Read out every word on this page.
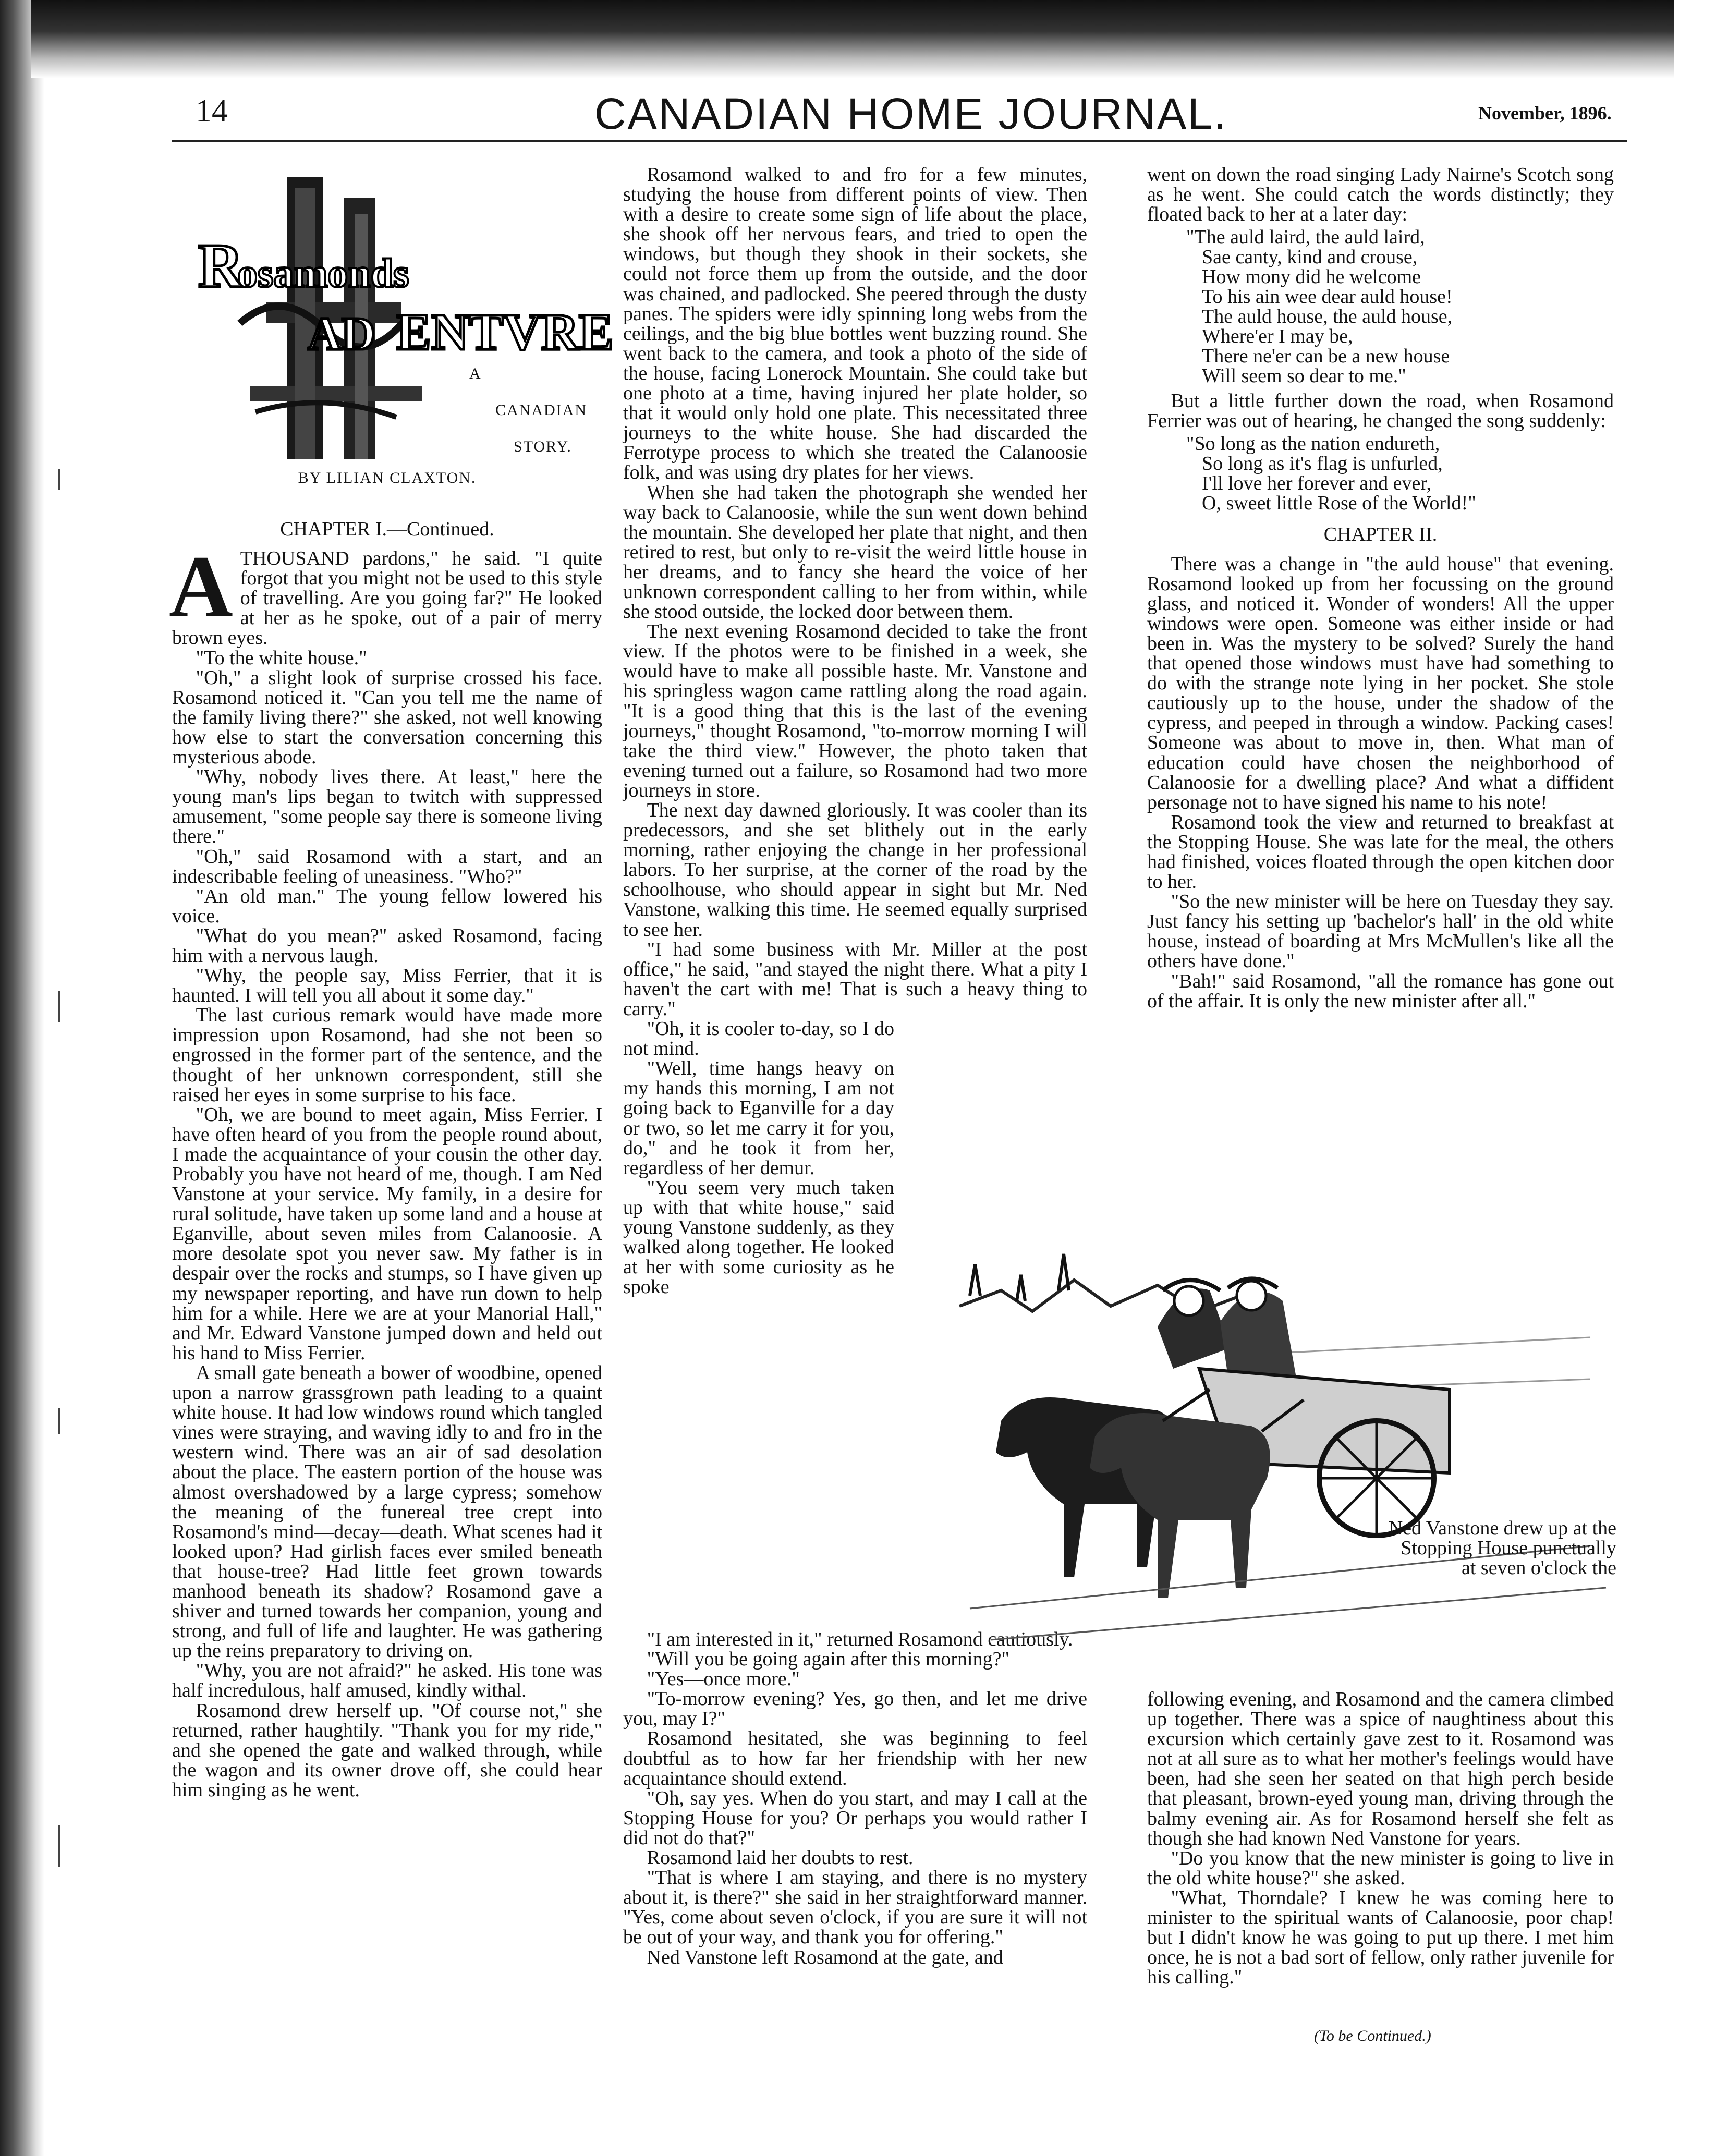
14	CANADIAN HOME JOURNAL.	November, 1896.
R
osamonds
ENTVRE
AD
A
CANADIAN
STORY.
BY LILIAN CLAXTON.
CHAPTER I.—Continued.

ATHOUSAND pardons," he said. "I quite forgot that you might not be used to this style of travelling. Are you going far?" He looked at her as he spoke, out of a pair of merry brown eyes.

"To the white house."

"Oh," a slight look of surprise crossed his face. Rosamond noticed it. "Can you tell me the name of the family living there?" she asked, not well knowing how else to start the conversation concerning this mysterious abode.

"Why, nobody lives there. At least," here the young man's lips began to twitch with suppressed amusement, "some people say there is someone living there."

"Oh," said Rosamond with a start, and an indescribable feeling of uneasiness. "Who?"

"An old man." The young fellow lowered his voice.

"What do you mean?" asked Rosamond, facing him with a nervous laugh.

"Why, the people say, Miss Ferrier, that it is haunted. I will tell you all about it some day."

The last curious remark would have made more impression upon Rosamond, had she not been so engrossed in the former part of the sentence, and the thought of her unknown correspondent, still she raised her eyes in some surprise to his face.

"Oh, we are bound to meet again, Miss Ferrier. I have often heard of you from the people round about, I made the acquaintance of your cousin the other day. Probably you have not heard of me, though. I am Ned Vanstone at your service. My family, in a desire for rural solitude, have taken up some land and a house at Eganville, about seven miles from Calanoosie. A more desolate spot you never saw. My father is in despair over the rocks and stumps, so I have given up my newspaper reporting, and have run down to help him for a while. Here we are at your Manorial Hall," and Mr. Edward Vanstone jumped down and held out his hand to Miss Ferrier.

A small gate beneath a bower of woodbine, opened upon a narrow grassgrown path leading to a quaint white house. It had low windows round which tangled vines were straying, and waving idly to and fro in the western wind. There was an air of sad desolation about the place. The eastern portion of the house was almost overshadowed by a large cypress; somehow the meaning of the funereal tree crept into Rosamond's mind—decay—death. What scenes had it looked upon? Had girlish faces ever smiled beneath that house-tree? Had little feet grown towards manhood beneath its shadow? Rosamond gave a shiver and turned towards her companion, young and strong, and full of life and laughter. He was gathering up the reins preparatory to driving on.

"Why, you are not afraid?" he asked. His tone was half incredulous, half amused, kindly withal.

Rosamond drew herself up. "Of course not," she returned, rather haughtily. "Thank you for my ride," and she opened the gate and walked through, while the wagon and its owner drove off, she could hear him singing as he went.

Rosamond walked to and fro for a few minutes, studying the house from different points of view. Then with a desire to create some sign of life about the place, she shook off her nervous fears, and tried to open the windows, but though they shook in their sockets, she could not force them up from the outside, and the door was chained, and padlocked. She peered through the dusty panes. The spiders were idly spinning long webs from the ceilings, and the big blue bottles went buzzing round. She went back to the camera, and took a photo of the side of the house, facing Lonerock Mountain. She could take but one photo at a time, having injured her plate holder, so that it would only hold one plate. This necessitated three journeys to the white house. She had discarded the Ferrotype process to which she treated the Calanoosie folk, and was using dry plates for her views.

When she had taken the photograph she wended her way back to Calanoosie, while the sun went down behind the mountain. She developed her plate that night, and then retired to rest, but only to re-visit the weird little house in her dreams, and to fancy she heard the voice of her unknown correspondent calling to her from within, while she stood outside, the locked door between them.

The next evening Rosamond decided to take the front view. If the photos were to be finished in a week, she would have to make all possible haste. Mr. Vanstone and his springless wagon came rattling along the road again. "It is a good thing that this is the last of the evening journeys," thought Rosamond, "to-morrow morning I will take the third view." However, the photo taken that evening turned out a failure, so Rosamond had two more journeys in store.

The next day dawned gloriously. It was cooler than its predecessors, and she set blithely out in the early morning, rather enjoying the change in her professional labors. To her surprise, at the corner of the road by the schoolhouse, who should appear in sight but Mr. Ned Vanstone, walking this time. He seemed equally surprised to see her.

"I had some business with Mr. Miller at the post office," he said, "and stayed the night there. What a pity I haven't the cart with me! That is such a heavy thing to carry."

"Oh, it is cooler to-day, so I do not mind.

"Well, time hangs heavy on my hands this morning, I am not going back to Eganville for a day or two, so let me carry it for you, do," and he took it from her, regardless of her demur.

"You seem very much taken up with that white house," said young Vanstone suddenly, as they walked along together. He looked at her with some curiosity as he spoke

"I am interested in it," returned Rosamond cautiously.

"Will you be going again after this morning?"

"Yes—once more."

"To-morrow evening? Yes, go then, and let me drive you, may I?"

Rosamond hesitated, she was beginning to feel doubtful as to how far her friendship with her new acquaintance should extend.

"Oh, say yes. When do you start, and may I call at the Stopping House for you? Or perhaps you would rather I did not do that?"

Rosamond laid her doubts to rest.

"That is where I am staying, and there is no mystery about it, is there?" she said in her straightforward manner. "Yes, come about seven o'clock, if you are sure it will not be out of your way, and thank you for offering."

Ned Vanstone left Rosamond at the gate, and

went on down the road singing Lady Nairne's Scotch song as he went. She could catch the words distinctly; they floated back to her at a later day:

"The auld laird, the auld laird,
Sae canty, kind and crouse,
How mony did he welcome
To his ain wee dear auld house!
The auld house, the auld house,
Where'er I may be,
There ne'er can be a new house
Will seem so dear to me."

But a little further down the road, when Rosamond Ferrier was out of hearing, he changed the song suddenly:

"So long as the nation endureth,
So long as it's flag is unfurled,
I'll love her forever and ever,
O, sweet little Rose of the World!"
CHAPTER II.

There was a change in "the auld house" that evening. Rosamond looked up from her focussing on the ground glass, and noticed it. Wonder of wonders! All the upper windows were open. Someone was either inside or had been in. Was the mystery to be solved? Surely the hand that opened those windows must have had something to do with the strange note lying in her pocket. She stole cautiously up to the house, under the shadow of the cypress, and peeped in through a window. Packing cases! Someone was about to move in, then. What man of education could have chosen the neighborhood of Calanoosie for a dwelling place? And what a diffident personage not to have signed his name to his note!

Rosamond took the view and returned to breakfast at the Stopping House. She was late for the meal, the others had finished, voices floated through the open kitchen door to her.

"So the new minister will be here on Tuesday they say. Just fancy his setting up 'bachelor's hall' in the old white house, instead of boarding at Mrs McMullen's like all the others have done."

"Bah!" said Rosamond, "all the romance has gone out of the affair. It is only the new minister after all."

Ned Vanstone drew up at the Stopping House punctually at seven o'clock the

following evening, and Rosamond and the camera climbed up together. There was a spice of naughtiness about this excursion which certainly gave zest to it. Rosamond was not at all sure as to what her mother's feelings would have been, had she seen her seated on that high perch beside that pleasant, brown-eyed young man, driving through the balmy evening air. As for Rosamond herself she felt as though she had known Ned Vanstone for years.

"Do you know that the new minister is going to live in the old white house?" she asked.

"What, Thorndale? I knew he was coming here to minister to the spiritual wants of Calanoosie, poor chap! but I didn't know he was going to put up there. I met him once, he is not a bad sort of fellow, only rather juvenile for his calling."

(To be Continued.)
